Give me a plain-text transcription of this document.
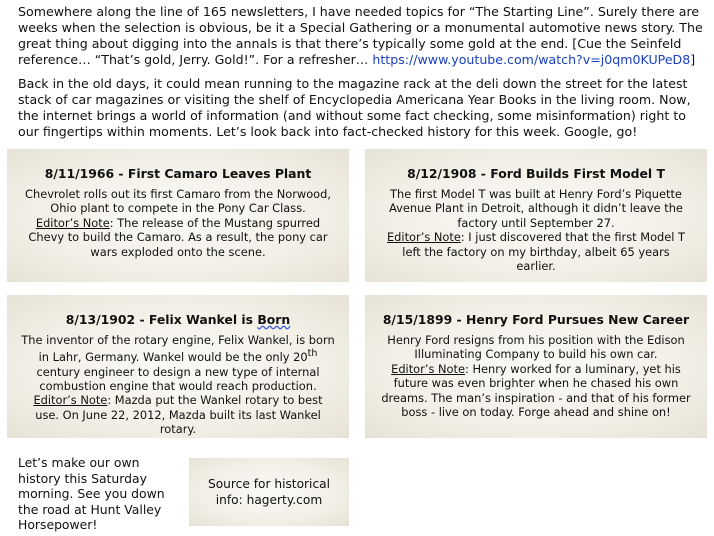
Somewhere along the line of 165 newsletters, I have needed topics for “The Starting Line”. Surely there are weeks when the selection is obvious, be it a Special Gathering or a monumental automotive news story. The great thing about digging into the annals is that there’s typically some gold at the end. [Cue the Seinfeld reference… “That’s gold, Jerry. Gold!”. For a refresher… https://www.youtube.com/watch?v=j0qm0KUPeD8]

Back in the old days, it could mean running to the magazine rack at the deli down the street for the latest stack of car magazines or visiting the shelf of Encyclopedia Americana Year Books in the living room. Now, the internet brings a world of information (and without some fact checking, some misinformation) right to our fingertips within moments. Let’s look back into fact-checked history for this week. Google, go!

8/11/1966 - First Camaro Leaves Plant
Chevrolet rolls out its first Camaro from the Norwood, Ohio plant to compete in the Pony Car Class.
Editor’s Note: The release of the Mustang spurred Chevy to build the Camaro. As a result, the pony car wars exploded onto the scene.
8/12/1908 - Ford Builds First Model T
The first Model T was built at Henry Ford’s Piquette Avenue Plant in Detroit, although it didn’t leave the factory until September 27.
Editor’s Note: I just discovered that the first Model T left the factory on my birthday, albeit 65 years earlier.
8/13/1902 - Felix Wankel is Born
The inventor of the rotary engine, Felix Wankel, is born in Lahr, Germany. Wankel would be the only 20th century engineer to design a new type of internal combustion engine that would reach production.
Editor’s Note: Mazda put the Wankel rotary to best use. On June 22, 2012, Mazda built its last Wankel rotary.
8/15/1899 - Henry Ford Pursues New Career
Henry Ford resigns from his position with the Edison Illuminating Company to build his own car.
Editor’s Note: Henry worked for a luminary, yet his future was even brighter when he chased his own dreams. The man’s inspiration - and that of his former boss - live on today. Forge ahead and shine on!

Let’s make our own history this Saturday morning. See you down the road at Hunt Valley Horsepower!

Source for historical info: hagerty.com
